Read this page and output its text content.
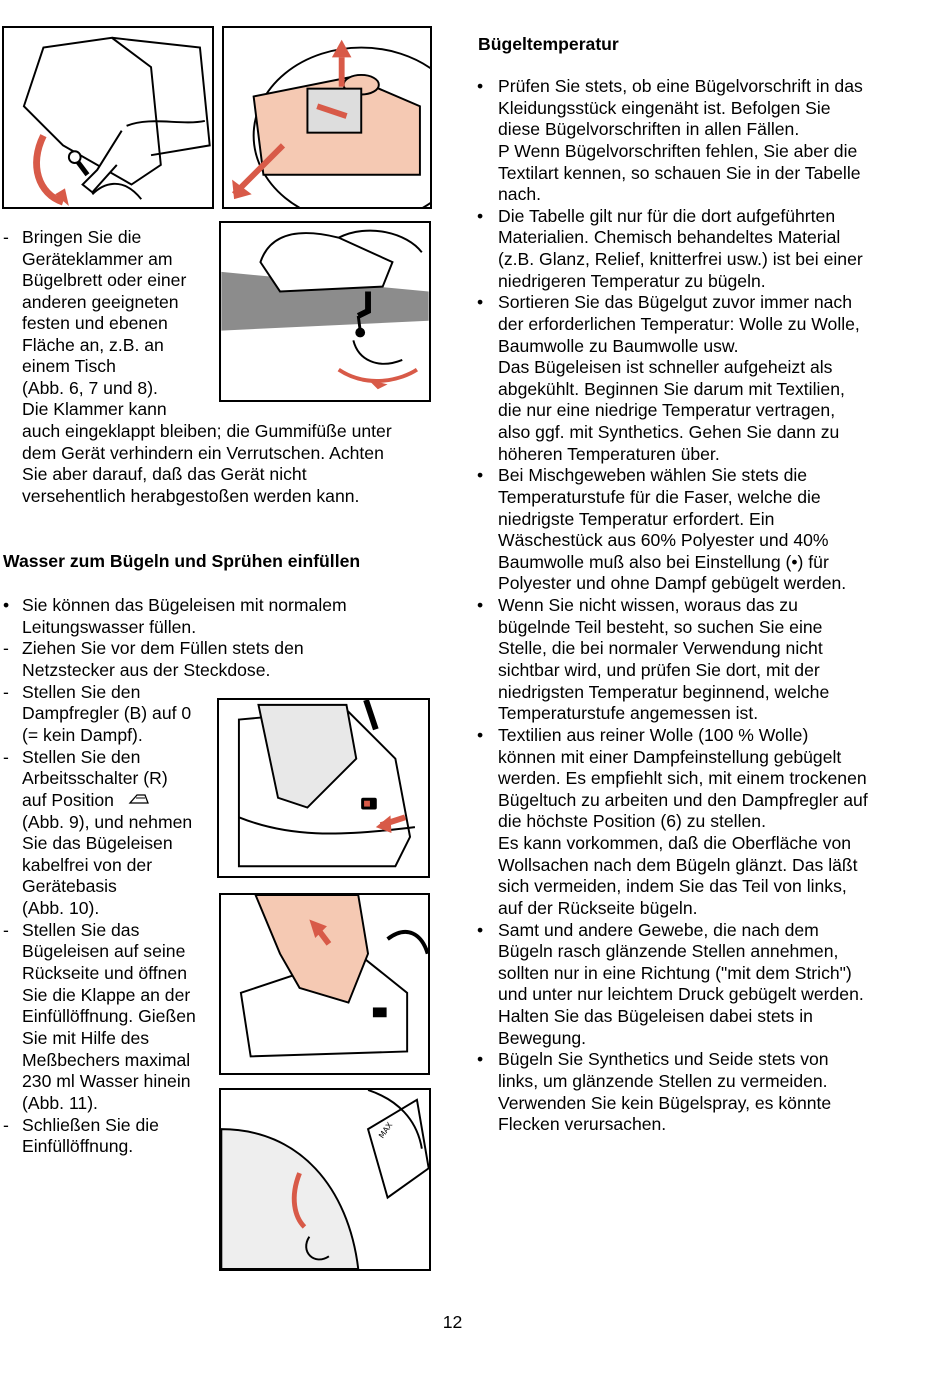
6	7
8
9
10
MAX
11
Wasser zum Bügeln und Sprühen einfüllen
Bügeltemperatur
12
- Bringen Sie die
Geräteklammer am
Bügelbrett oder einer
anderen geeigneten
festen und ebenen
Fläche an, z.B. an
einem Tisch
(Abb. 6, 7 und 8).
Die Klammer kann
auch eingeklappt bleiben; die Gummifüße unter
dem Gerät verhindern ein Verrutschen. Achten
Sie aber darauf, daß das Gerät nicht
versehentlich herabgestoßen werden kann.
• Sie können das Bügeleisen mit normalem
Leitungswasser füllen.
- Ziehen Sie vor dem Füllen stets den
Netzstecker aus der Steckdose.
- Stellen Sie den
Dampfregler (B) auf 0
(= kein Dampf).
- Stellen Sie den
Arbeitsschalter (R)
auf Position
(Abb. 9), und nehmen
Sie das Bügeleisen
kabelfrei von der
Gerätebasis
(Abb. 10).
- Stellen Sie das
Bügeleisen auf seine
Rückseite und öffnen
Sie die Klappe an der
Einfüllöffnung. Gießen
Sie mit Hilfe des
Meßbechers maximal
230 ml Wasser hinein
(Abb. 11).
- Schließen Sie die
Einfüllöffnung.
• Prüfen Sie stets, ob eine Bügelvorschrift in das
Kleidungsstück eingenäht ist. Befolgen Sie
diese Bügelvorschriften in allen Fällen.
P Wenn Bügelvorschriften fehlen, Sie aber die
Textilart kennen, so schauen Sie in der Tabelle
nach.
• Die Tabelle gilt nur für die dort aufgeführten
Materialien. Chemisch behandeltes Material
(z.B. Glanz, Relief, knitterfrei usw.) ist bei einer
niedrigeren Temperatur zu bügeln.
• Sortieren Sie das Bügelgut zuvor immer nach
der erforderlichen Temperatur: Wolle zu Wolle,
Baumwolle zu Baumwolle usw.
Das Bügeleisen ist schneller aufgeheizt als
abgekühlt. Beginnen Sie darum mit Textilien,
die nur eine niedrige Temperatur vertragen,
also ggf. mit Synthetics. Gehen Sie dann zu
höheren Temperaturen über.
• Bei Mischgeweben wählen Sie stets die
Temperaturstufe für die Faser, welche die
niedrigste Temperatur erfordert. Ein
Wäschestück aus 60% Polyester und 40%
Baumwolle muß also bei Einstellung (•) für
Polyester und ohne Dampf gebügelt werden.
• Wenn Sie nicht wissen, woraus das zu
bügelnde Teil besteht, so suchen Sie eine
Stelle, die bei normaler Verwendung nicht
sichtbar wird, und prüfen Sie dort, mit der
niedrigsten Temperatur beginnend, welche
Temperaturstufe angemessen ist.
• Textilien aus reiner Wolle (100 % Wolle)
können mit einer Dampfeinstellung gebügelt
werden. Es empfiehlt sich, mit einem trockenen
Bügeltuch zu arbeiten und den Dampfregler auf
die höchste Position (6) zu stellen.
Es kann vorkommen, daß die Oberfläche von
Wollsachen nach dem Bügeln glänzt. Das läßt
sich vermeiden, indem Sie das Teil von links,
auf der Rückseite bügeln.
• Samt und andere Gewebe, die nach dem
Bügeln rasch glänzende Stellen annehmen,
sollten nur in eine Richtung ("mit dem Strich")
und unter nur leichtem Druck gebügelt werden.
Halten Sie das Bügeleisen dabei stets in
Bewegung.
• Bügeln Sie Synthetics und Seide stets von
links, um glänzende Stellen zu vermeiden.
Verwenden Sie kein Bügelspray, es könnte
Flecken verursachen.
